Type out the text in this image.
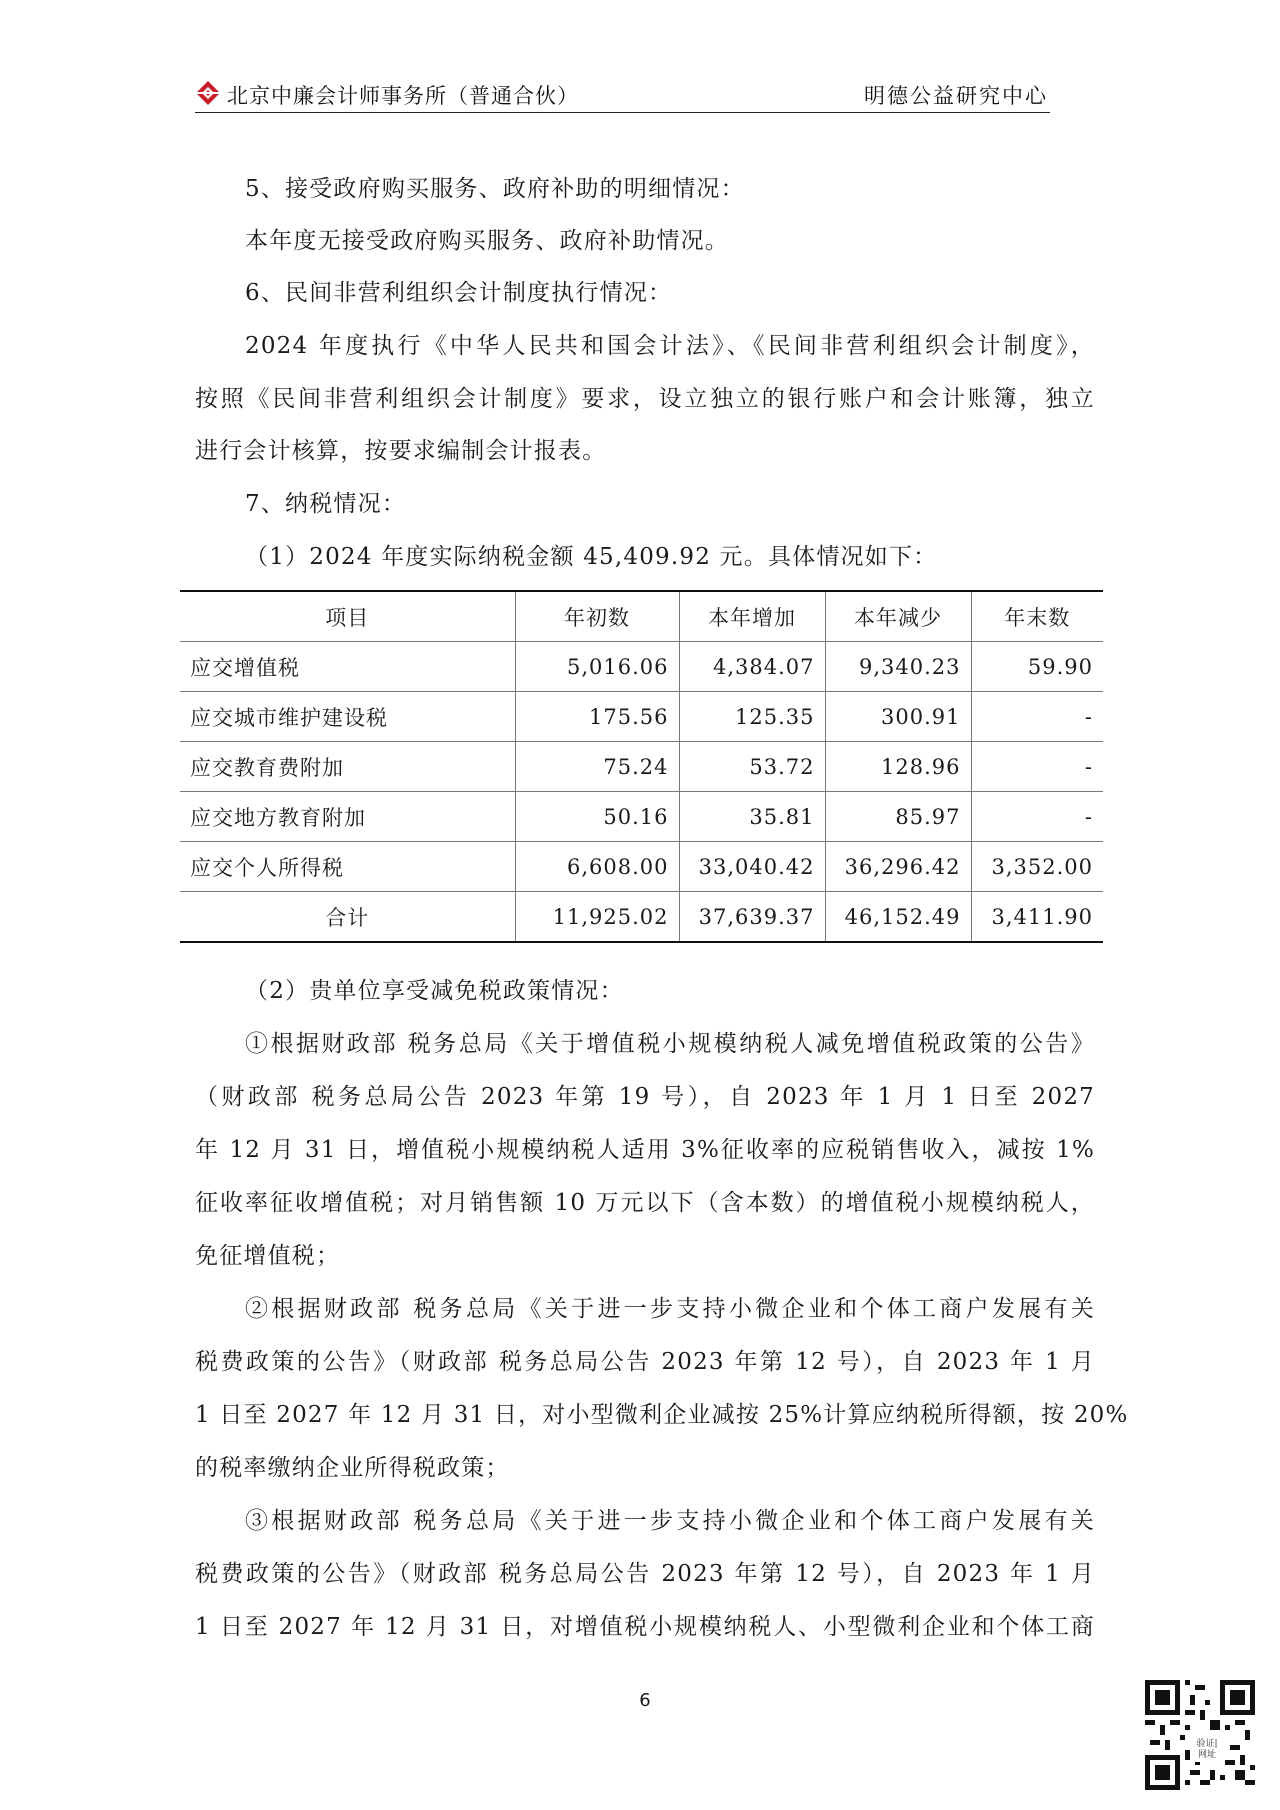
北京中廉会计师事务所（普通合伙）	明德公益研究中心
5、接受政府购买服务、政府补助的明细情况：
本年度无接受政府购买服务、政府补助情况。
6、民间非营利组织会计制度执行情况：
2024 年度执行《中华人民共和国会计法》、《民间非营利组织会计制度》，
按照《民间非营利组织会计制度》要求，设立独立的银行账户和会计账簿，独立
进行会计核算，按要求编制会计报表。
7、纳税情况：
（1）2024 年度实际纳税金额 45,409.92 元。具体情况如下：
项目	年初数	本年增加	本年减少	年末数
应交增值税	5,016.06	4,384.07	9,340.23	59.90
应交城市维护建设税	175.56	125.35	300.91	-
应交教育费附加	75.24	53.72	128.96	-
应交地方教育附加	50.16	35.81	85.97	-
应交个人所得税	6,608.00	33,040.42	36,296.42	3,352.00
合计	11,925.02	37,639.37	46,152.49	3,411.90
（2）贵单位享受减免税政策情况：
①根据财政部 税务总局《关于增值税小规模纳税人减免增值税政策的公告》
（财政部 税务总局公告 2023 年第 19 号），自 2023 年 1 月 1 日至 2027
年 12 月 31 日，增值税小规模纳税人适用 3%征收率的应税销售收入，减按 1%
征收率征收增值税；对月销售额 10 万元以下（含本数）的增值税小规模纳税人，
免征增值税；
②根据财政部 税务总局《关于进一步支持小微企业和个体工商户发展有关
税费政策的公告》（财政部 税务总局公告 2023 年第 12 号），自 2023 年 1 月
1 日至 2027 年 12 月 31 日，对小型微利企业减按 25%计算应纳税所得额，按 20%
的税率缴纳企业所得税政策；
③根据财政部 税务总局《关于进一步支持小微企业和个体工商户发展有关
税费政策的公告》（财政部 税务总局公告 2023 年第 12 号），自 2023 年 1 月
1 日至 2027 年 12 月 31 日，对增值税小规模纳税人、小型微利企业和个体工商
6
验证|网址
